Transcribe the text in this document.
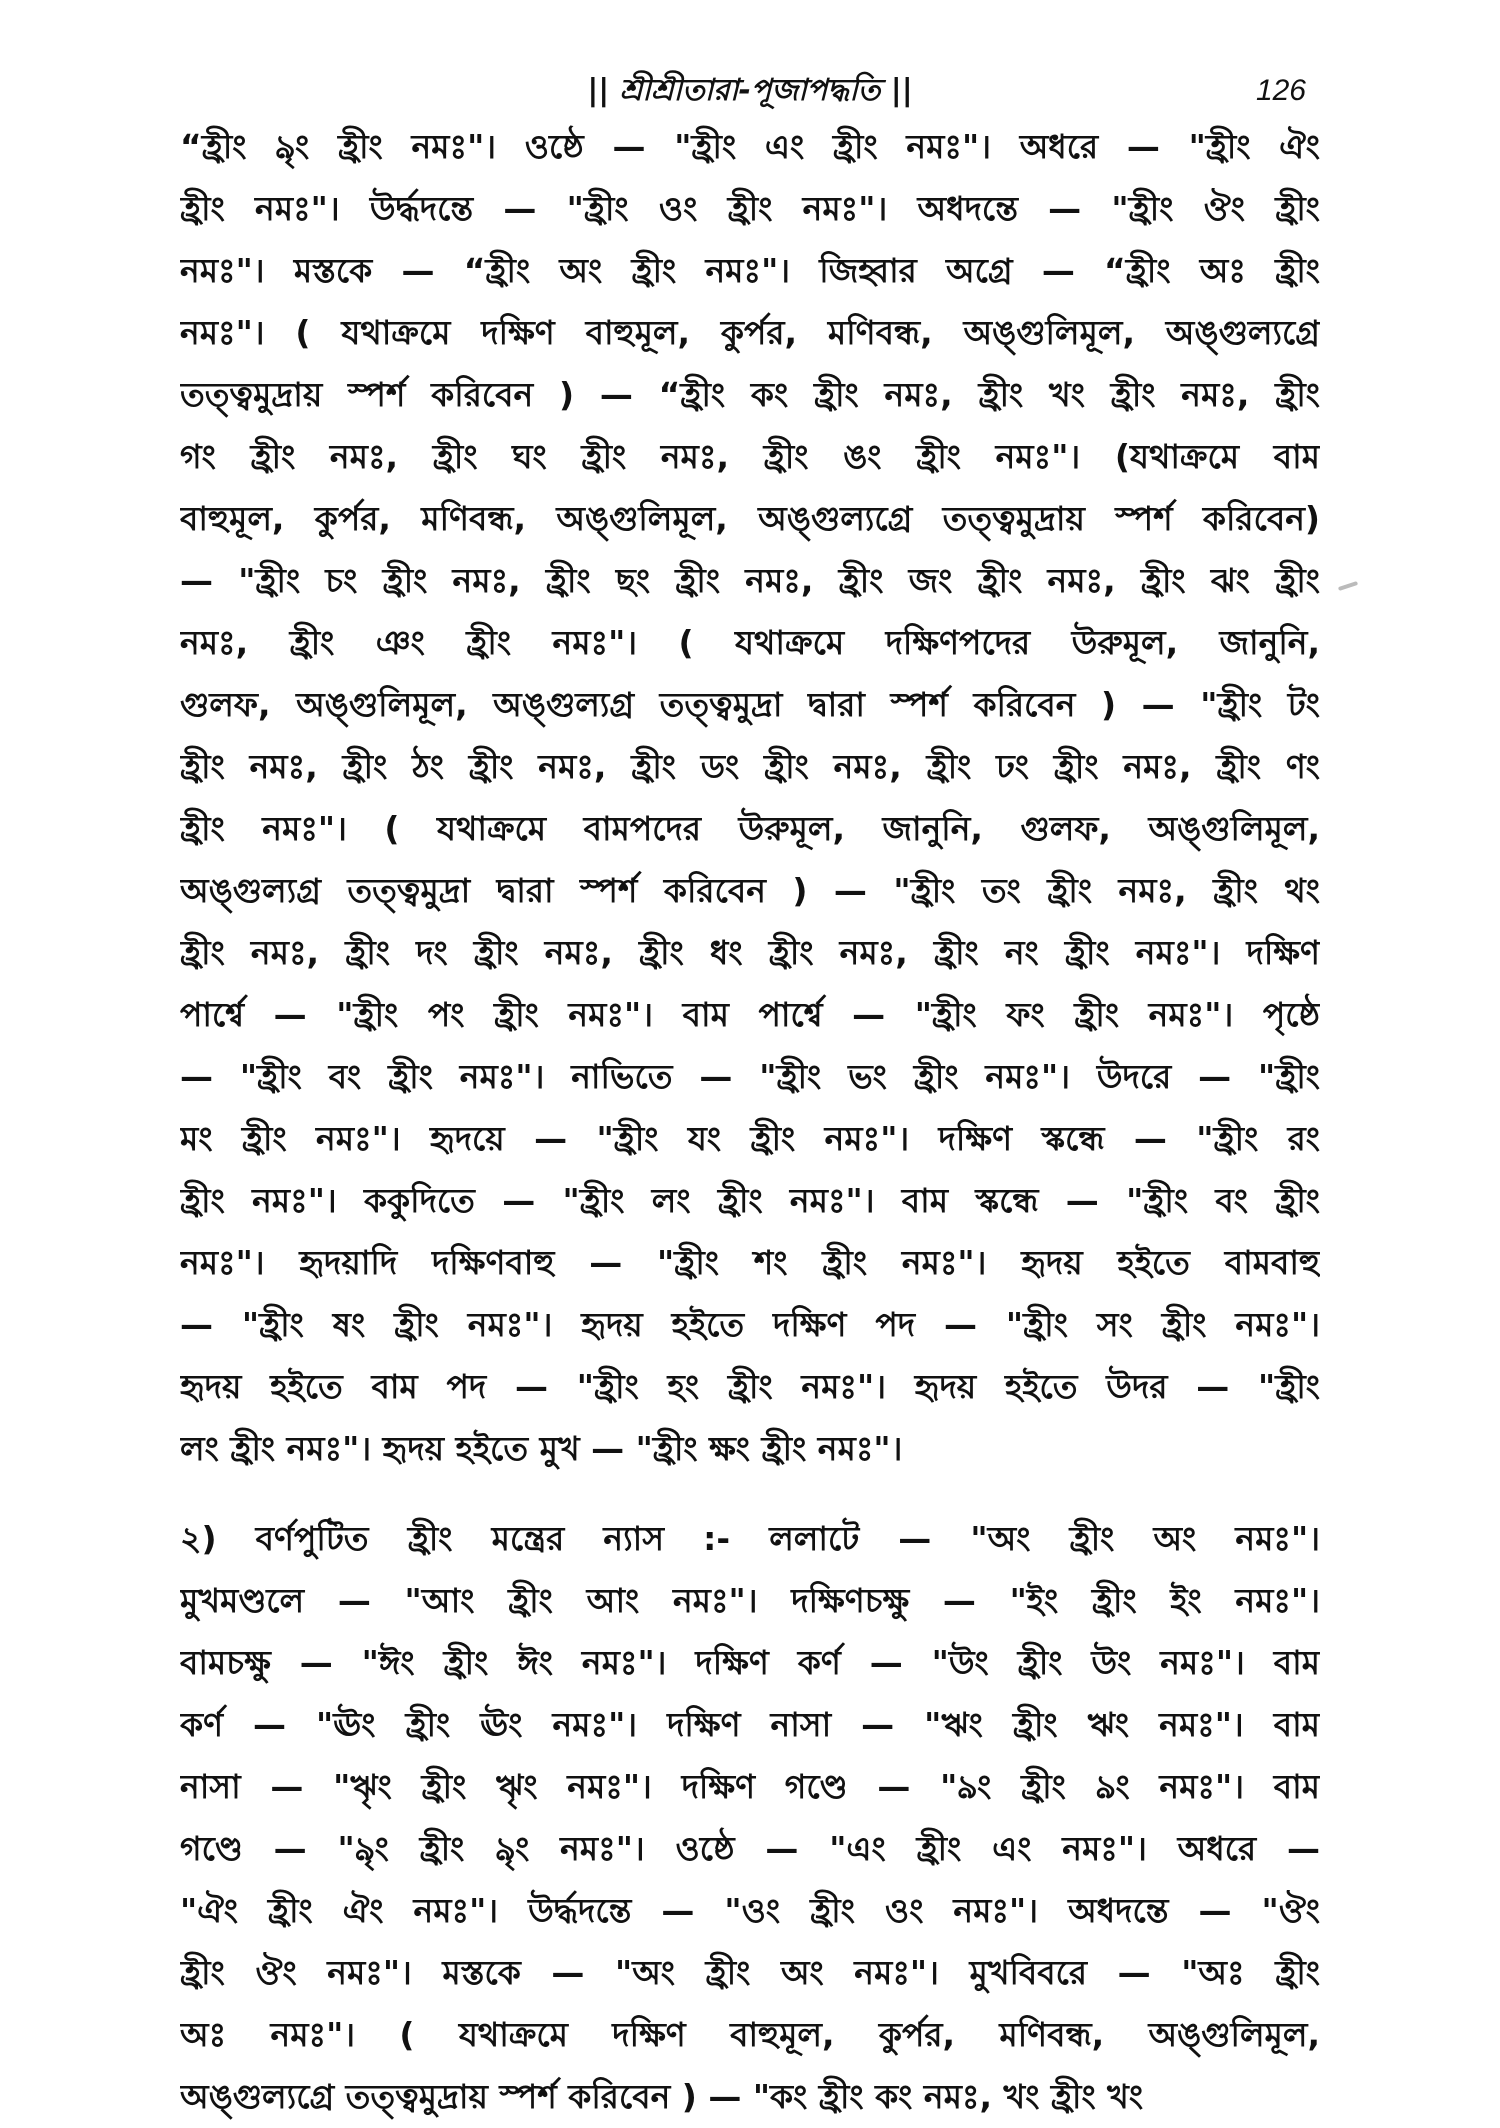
|| শ্রীশ্রীতারা-পূজাপদ্ধতি ||	126
“হ্রীং ঌৃং হ্রীং নমঃ"। ওষ্ঠে — "হ্রীং এং হ্রীং নমঃ"। অধরে — "হ্রীং ঐং
হ্রীং নমঃ"। উর্দ্ধদন্তে — "হ্রীং ওং হ্রীং নমঃ"। অধদন্তে — "হ্রীং ঔং হ্রীং
নমঃ"। মস্তকে — “হ্রীং অং হ্রীং নমঃ"। জিহ্বার অগ্রে — “হ্রীং অঃ হ্রীং
নমঃ"। ( যথাক্রমে দক্ষিণ বাহুমূল, কুর্পর, মণিবন্ধ, অঙ্গুলিমূল, অঙ্গুল্যগ্রে
তত্ত্বমুদ্রায় স্পর্শ করিবেন ) — “হ্রীং কং হ্রীং নমঃ, হ্রীং খং হ্রীং নমঃ, হ্রীং
গং হ্রীং নমঃ, হ্রীং ঘং হ্রীং নমঃ, হ্রীং ঙং হ্রীং নমঃ"। (যথাক্রমে বাম
বাহুমূল, কুর্পর, মণিবন্ধ, অঙ্গুলিমূল, অঙ্গুল্যগ্রে তত্ত্বমুদ্রায় স্পর্শ করিবেন)
— "হ্রীং চং হ্রীং নমঃ, হ্রীং ছং হ্রীং নমঃ, হ্রীং জং হ্রীং নমঃ, হ্রীং ঝং হ্রীং
নমঃ, হ্রীং ঞং হ্রীং নমঃ"। ( যথাক্রমে দক্ষিণপদের উরুমূল, জানুনি,
গুলফ, অঙ্গুলিমূল, অঙ্গুল্যগ্র তত্ত্বমুদ্রা দ্বারা স্পর্শ করিবেন ) — "হ্রীং টং
হ্রীং নমঃ, হ্রীং ঠং হ্রীং নমঃ, হ্রীং ডং হ্রীং নমঃ, হ্রীং ঢং হ্রীং নমঃ, হ্রীং ণং
হ্রীং নমঃ"। ( যথাক্রমে বামপদের উরুমূল, জানুনি, গুলফ, অঙ্গুলিমূল,
অঙ্গুল্যগ্র তত্ত্বমুদ্রা দ্বারা স্পর্শ করিবেন ) — "হ্রীং তং হ্রীং নমঃ, হ্রীং থং
হ্রীং নমঃ, হ্রীং দং হ্রীং নমঃ, হ্রীং ধং হ্রীং নমঃ, হ্রীং নং হ্রীং নমঃ"। দক্ষিণ
পার্শ্বে — "হ্রীং পং হ্রীং নমঃ"। বাম পার্শ্বে — "হ্রীং ফং হ্রীং নমঃ"। পৃষ্ঠে
— "হ্রীং বং হ্রীং নমঃ"। নাভিতে — "হ্রীং ভং হ্রীং নমঃ"। উদরে — "হ্রীং
মং হ্রীং নমঃ"। হৃদয়ে — "হ্রীং যং হ্রীং নমঃ"। দক্ষিণ স্কন্ধে — "হ্রীং রং
হ্রীং নমঃ"। ককুদিতে — "হ্রীং লং হ্রীং নমঃ"। বাম স্কন্ধে — "হ্রীং বং হ্রীং
নমঃ"। হৃদয়াদি দক্ষিণবাহু — "হ্রীং শং হ্রীং নমঃ"। হৃদয় হইতে বামবাহু
— "হ্রীং ষং হ্রীং নমঃ"। হৃদয় হইতে দক্ষিণ পদ — "হ্রীং সং হ্রীং নমঃ"।
হৃদয় হইতে বাম পদ — "হ্রীং হং হ্রীং নমঃ"। হৃদয় হইতে উদর — "হ্রীং
লং হ্রীং নমঃ"। হৃদয় হইতে মুখ — "হ্রীং ক্ষং হ্রীং নমঃ"।
২) বর্ণপুটিত হ্রীং মন্ত্রের ন্যাস :- ললাটে — "অং হ্রীং অং নমঃ"।
মুখমণ্ডলে — "আং হ্রীং আং নমঃ"। দক্ষিণচক্ষু — "ইং হ্রীং ইং নমঃ"।
বামচক্ষু — "ঈং হ্রীং ঈং নমঃ"। দক্ষিণ কর্ণ — "উং হ্রীং উং নমঃ"। বাম
কর্ণ — "ঊং হ্রীং ঊং নমঃ"। দক্ষিণ নাসা — "ঋং হ্রীং ঋং নমঃ"। বাম
নাসা — "ৠং হ্রীং ৠং নমঃ"। দক্ষিণ গণ্ডে — "ঌং হ্রীং ঌং নমঃ"। বাম
গণ্ডে — "ঌৃং হ্রীং ঌৃং নমঃ"। ওষ্ঠে — "এং হ্রীং এং নমঃ"। অধরে —
"ঐং হ্রীং ঐং নমঃ"। উর্দ্ধদন্তে — "ওং হ্রীং ওং নমঃ"। অধদন্তে — "ঔং
হ্রীং ঔং নমঃ"। মস্তকে — "অং হ্রীং অং নমঃ"। মুখবিবরে — "অঃ হ্রীং
অঃ নমঃ"। ( যথাক্রমে দক্ষিণ বাহুমূল, কুর্পর, মণিবন্ধ, অঙ্গুলিমূল,
অঙ্গুল্যগ্রে তত্ত্বমুদ্রায় স্পর্শ করিবেন ) — "কং হ্রীং কং নমঃ, খং হ্রীং খং
